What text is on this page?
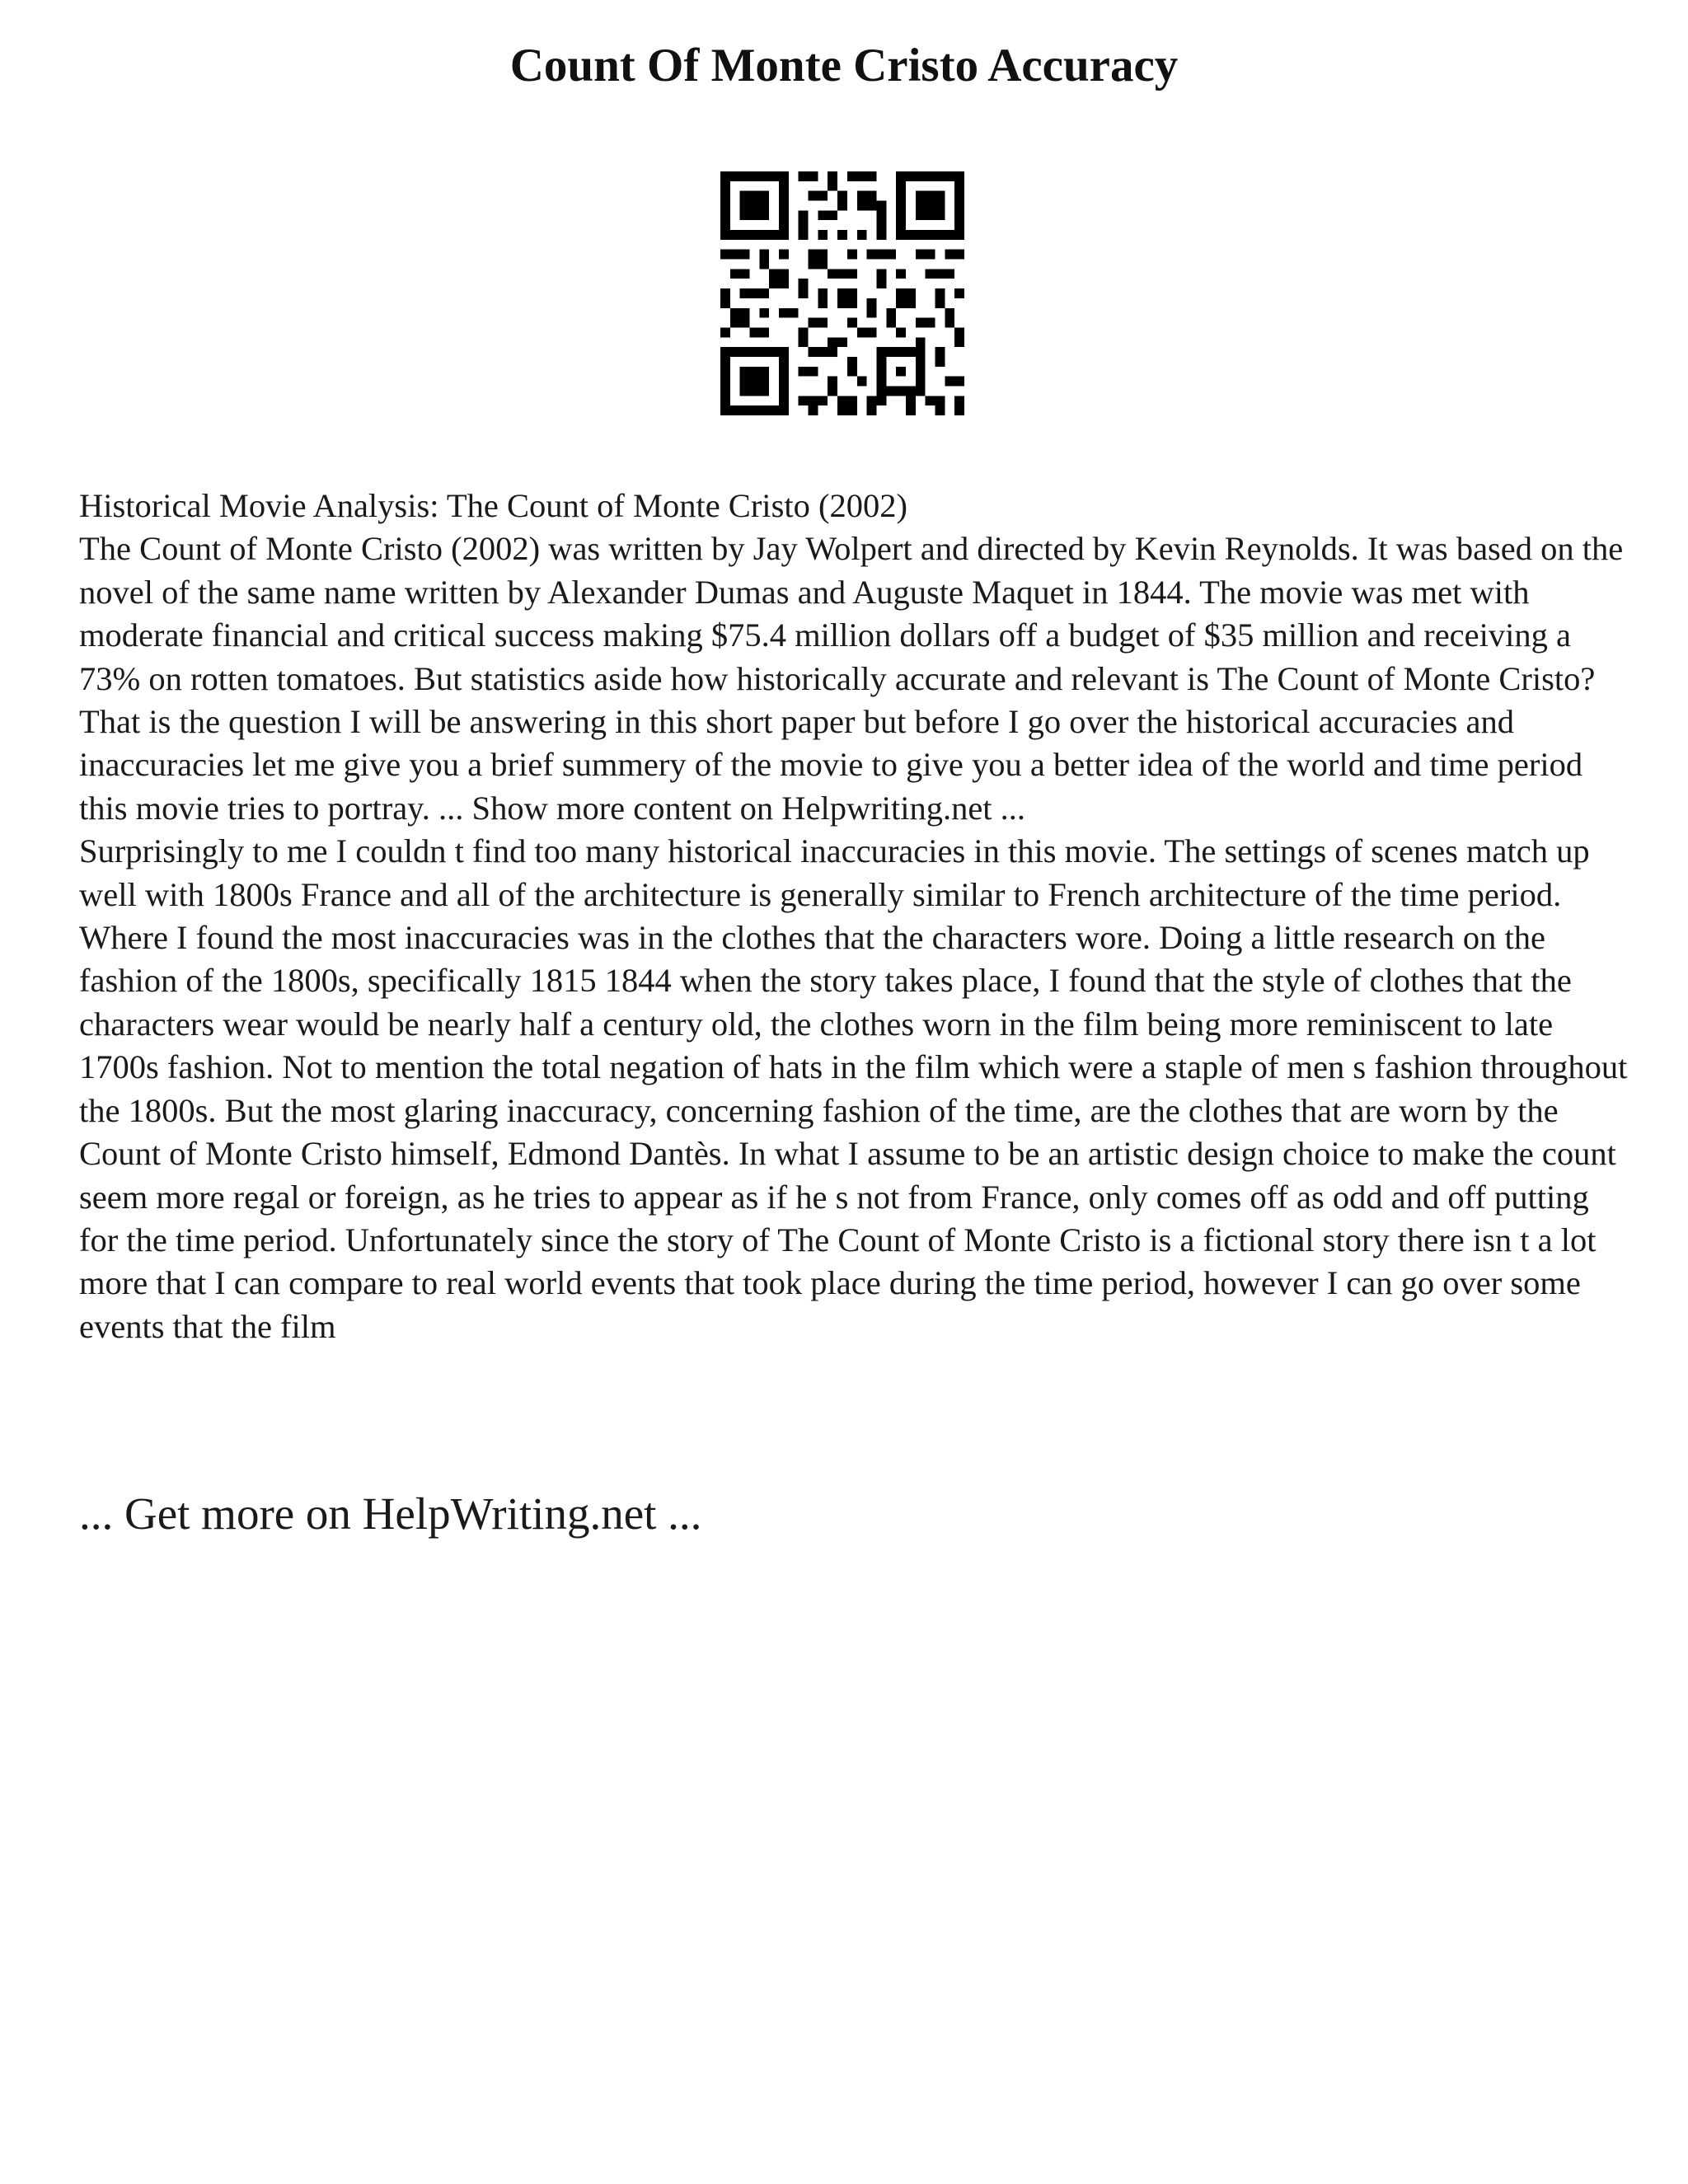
Count Of Monte Cristo Accuracy

Historical Movie Analysis: The Count of Monte Cristo (2002)

The Count of Monte Cristo (2002) was written by Jay Wolpert and directed by Kevin Reynolds. It was based on the novel of the same name written by Alexander Dumas and Auguste Maquet in 1844. The movie was met with moderate financial and critical success making $75.4 million dollars off a budget of $35 million and receiving a 73% on rotten tomatoes. But statistics aside how historically accurate and relevant is The Count of Monte Cristo? That is the question I will be answering in this short paper but before I go over the historical accuracies and inaccuracies let me give you a brief summery of the movie to give you a better idea of the world and time period this movie tries to portray. ... Show more content on Helpwriting.net ...

Surprisingly to me I couldn t find too many historical inaccuracies in this movie. The settings of scenes match up well with 1800s France and all of the architecture is generally similar to French architecture of the time period. Where I found the most inaccuracies was in the clothes that the characters wore. Doing a little research on the fashion of the 1800s, specifically 1815 1844 when the story takes place, I found that the style of clothes that the characters wear would be nearly half a century old, the clothes worn in the film being more reminiscent to late 1700s fashion. Not to mention the total negation of hats in the film which were a staple of men s fashion throughout the 1800s. But the most glaring inaccuracy, concerning fashion of the time, are the clothes that are worn by the Count of Monte Cristo himself, Edmond Dantès. In what I assume to be an artistic design choice to make the count seem more regal or foreign, as he tries to appear as if he s not from France, only comes off as odd and off putting for the time period. Unfortunately since the story of The Count of Monte Cristo is a fictional story there isn t a lot more that I can compare to real world events that took place during the time period, however I can go over some events that the film

... Get more on HelpWriting.net ...
